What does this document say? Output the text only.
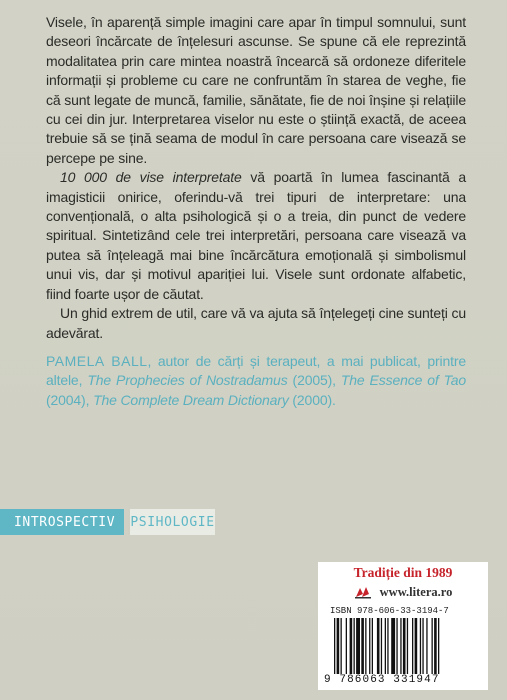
Visele, în aparență simple imagini care apar în timpul somnului, sunt deseori încărcate de înțelesuri ascunse. Se spune că ele reprezintă modalitatea prin care mintea noastră încearcă să ordoneze diferitele informații și probleme cu care ne confruntăm în starea de veghe, fie că sunt legate de muncă, familie, sănătate, fie de noi înșine și relațiile cu cei din jur. Interpretarea viselor nu este o știință exactă, de aceea trebuie să se țină seama de modul în care persoana care visează se percepe pe sine.

10 000 de vise interpretate vă poartă în lumea fascinantă a imagisticii onirice, oferindu-vă trei tipuri de interpretare: una convențională, o alta psihologică și o a treia, din punct de vedere spiritual. Sintetizând cele trei interpretări, persoana care visează va putea să înțeleagă mai bine încărcătura emoțională și simbolismul unui vis, dar și motivul apariției lui. Visele sunt ordonate alfabetic, fiind foarte ușor de căutat.

Un ghid extrem de util, care vă va ajuta să înțelegeți cine sunteți cu adevărat.

PAMELA BALL, autor de cărți și terapeut, a mai publicat, printre altele, The Prophecies of Nostradamus (2005), The Essence of Tao (2004), The Complete Dream Dictionary (2000).

INTROSPECTIV	PSIHOLOGIE
Tradiție din 1989
www.litera.ro
ISBN 978-606-33-3194-7
9 786063 331947
